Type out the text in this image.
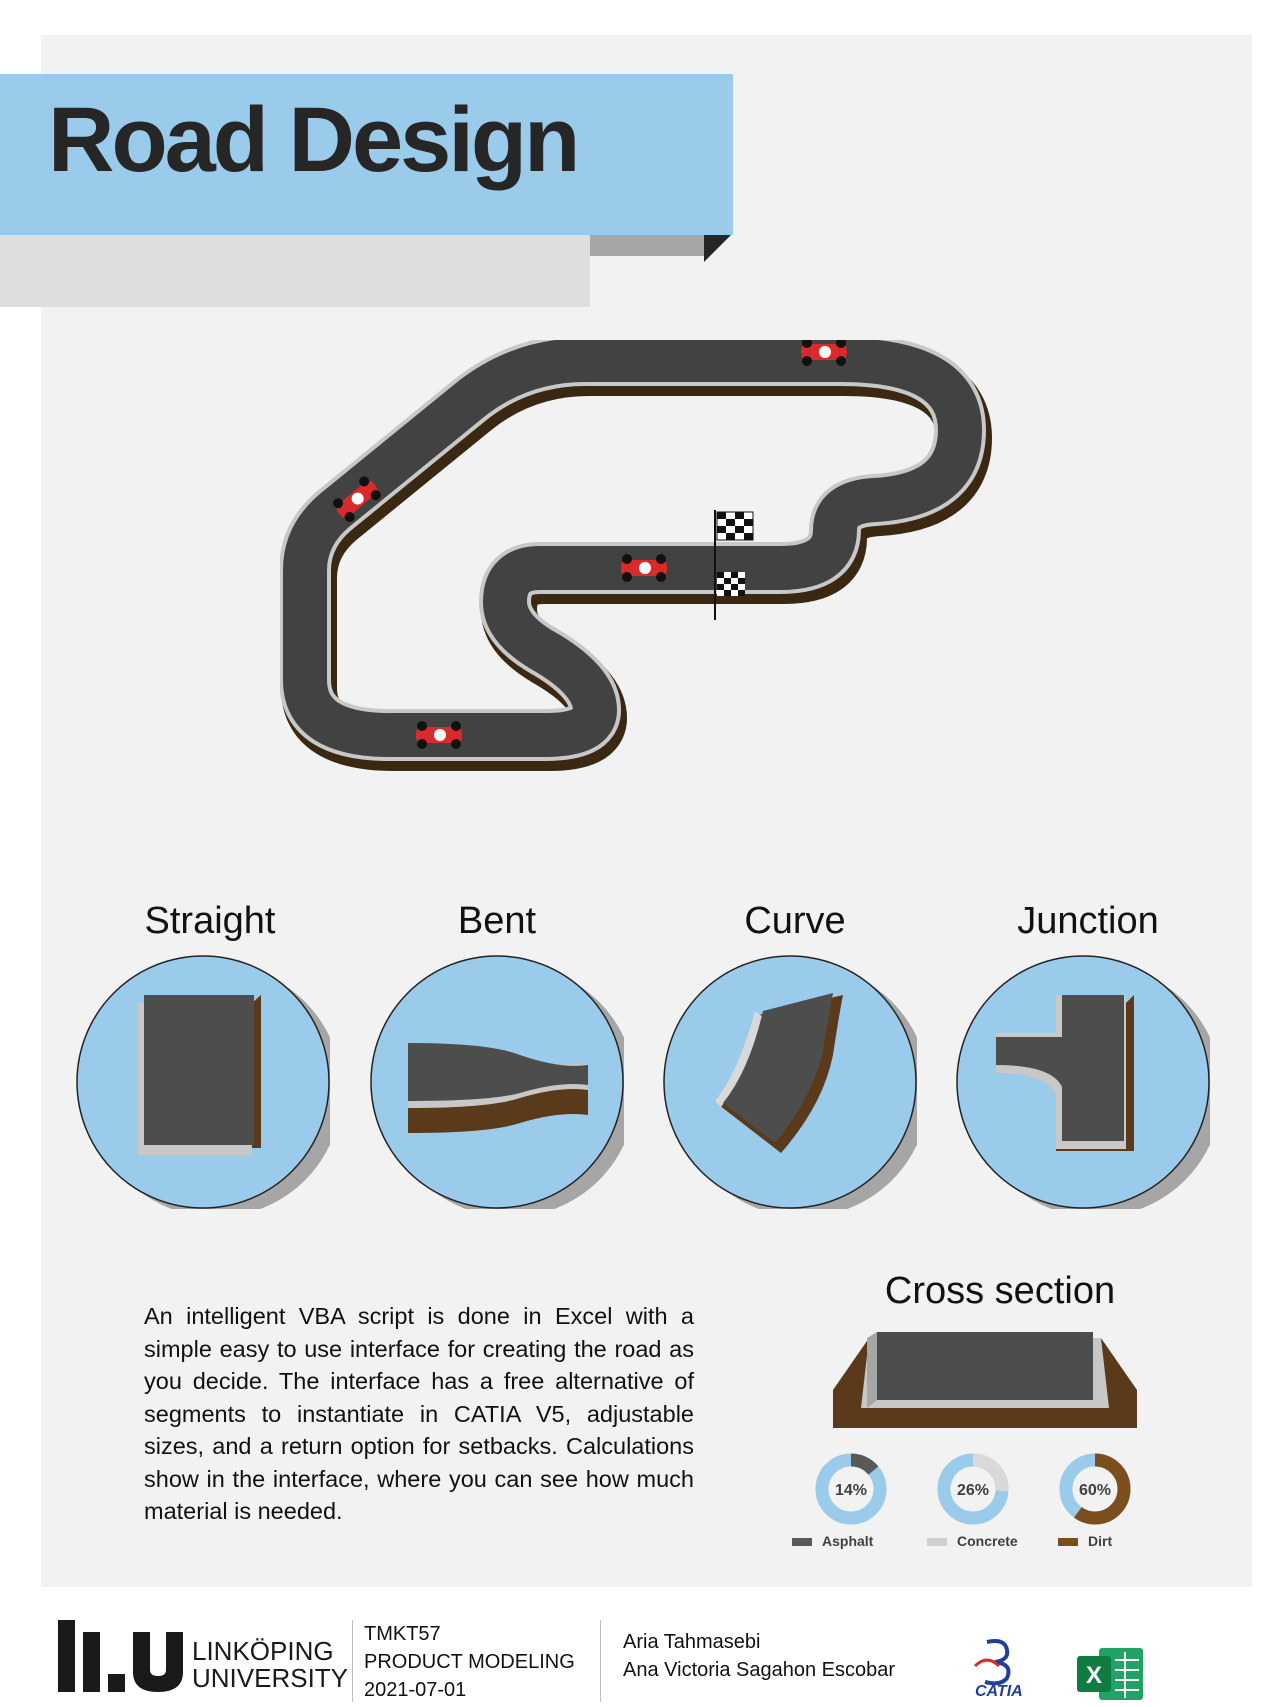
Road Design
Straight	Bent	Curve	Junction
An intelligent VBA script is done in Excel with a simple easy to use interface for creating the road as you decide. The interface has a free alternative of segments to instantiate in CATIA V5, adjustable sizes, and a return option for setbacks. Calculations show in the interface, where you can see how much material is needed.
Cross section
14%	26%	60%
Asphalt	Concrete	Dirt
LINKÖPING
UNIVERSITY
TMKT57
PRODUCT MODELING
2021-07-01
Aria Tahmasebi
Ana Victoria Sagahon Escobar
CATIA
X
